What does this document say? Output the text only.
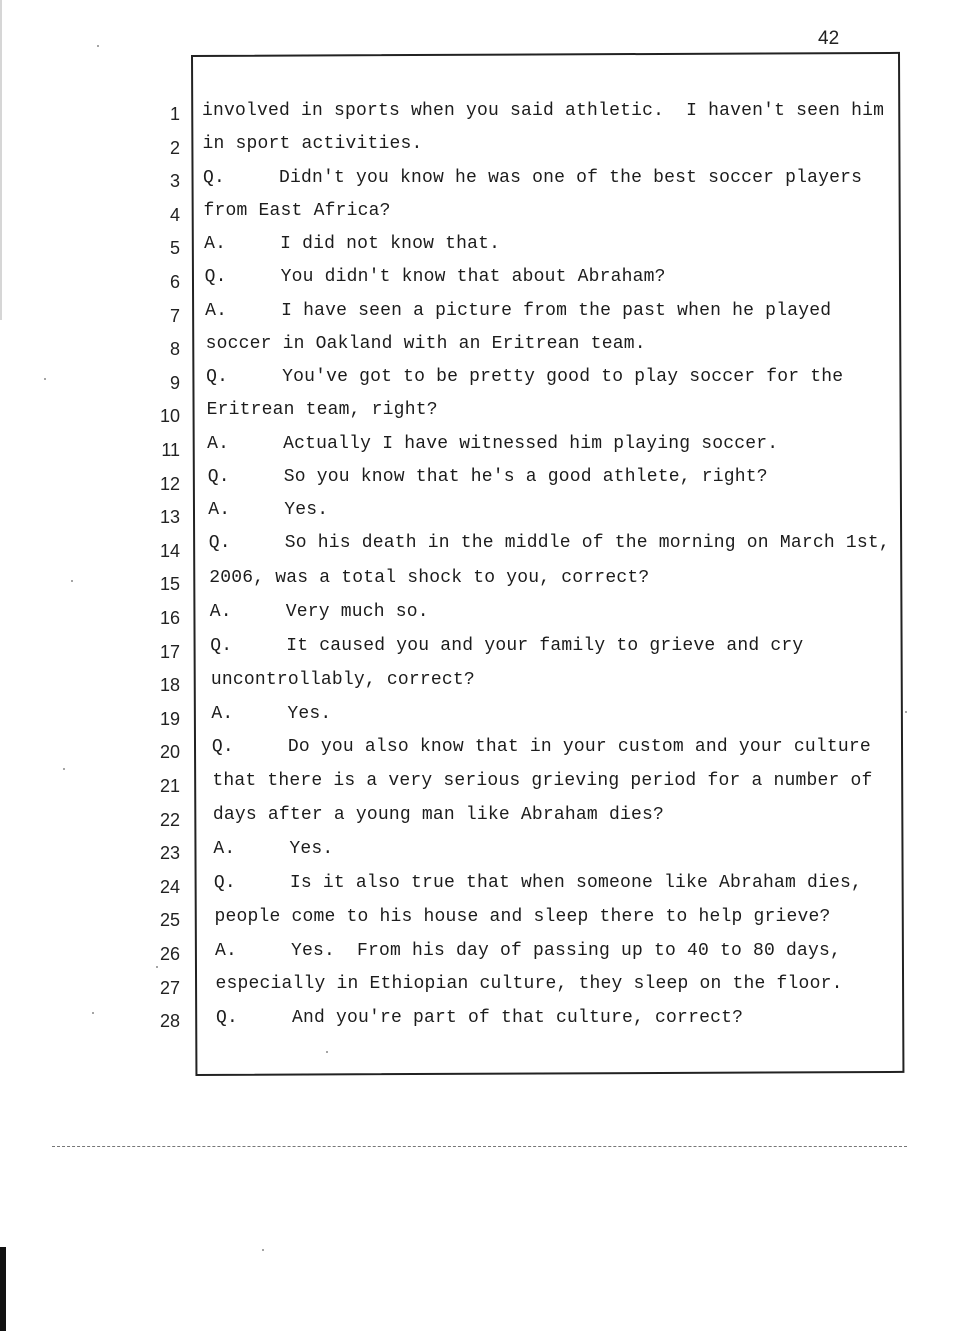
42
1 involved in sports when you said athletic.  I haven't seen him
2 in sport activities.
3 Q.	Didn't you know he was one of the best soccer players
4 from East Africa?
5 A.	I did not know that.
6 Q.	You didn't know that about Abraham?
7 A.	I have seen a picture from the past when he played
8 soccer in Oakland with an Eritrean team.
9 Q.	You've got to be pretty good to play soccer for the
10 Eritrean team, right?
11 A.	Actually I have witnessed him playing soccer.
12 Q.	So you know that he's a good athlete, right?
13 A.	Yes.
14 Q.	So his death in the middle of the morning on March 1st,
15 2006, was a total shock to you, correct?
16 A.	Very much so.
17 Q.	It caused you and your family to grieve and cry
18 uncontrollably, correct?
19 A.	Yes.
20 Q.	Do you also know that in your custom and your culture
21 that there is a very serious grieving period for a number of
22 days after a young man like Abraham dies?
23 A.	Yes.
24 Q.	Is it also true that when someone like Abraham dies,
25 people come to his house and sleep there to help grieve?
26 A.	Yes.  From his day of passing up to 40 to 80 days,
27 especially in Ethiopian culture, they sleep on the floor.
28 Q.	And you're part of that culture, correct?
